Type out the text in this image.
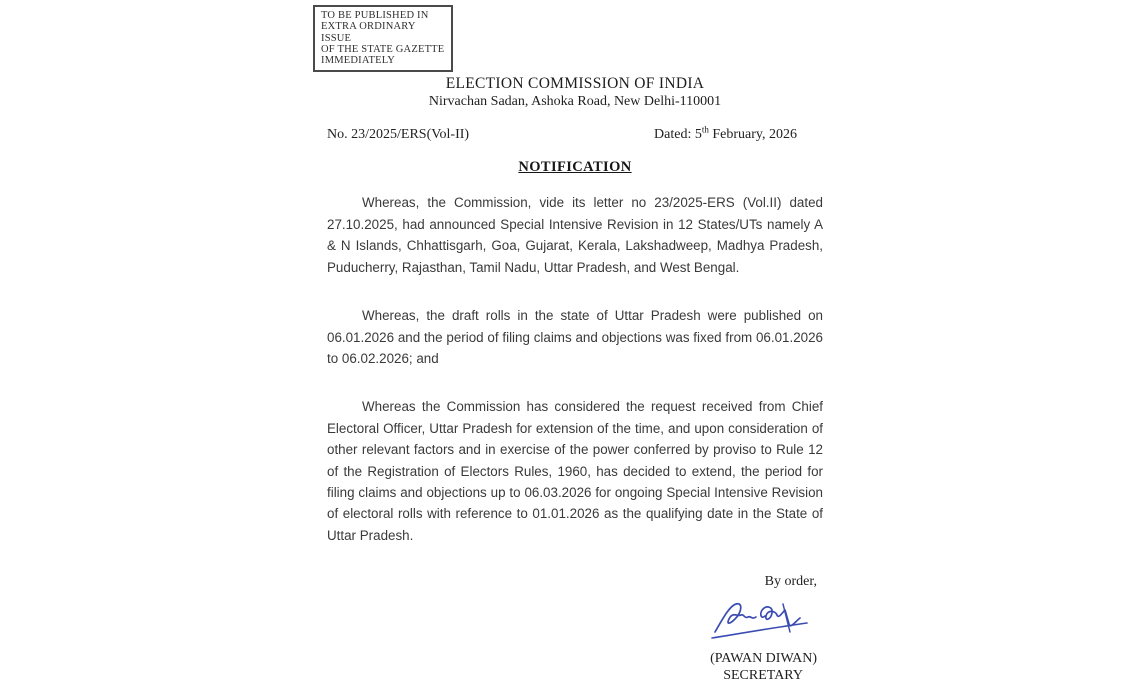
TO BE PUBLISHED IN
EXTRA ORDINARY ISSUE
OF THE STATE GAZETTE
IMMEDIATELY
ELECTION COMMISSION OF INDIA
Nirvachan Sadan, Ashoka Road, New Delhi-110001
No. 23/2025/ERS(Vol-II)	Dated: 5th February, 2026
NOTIFICATION

Whereas, the Commission, vide its letter no 23/2025-ERS (Vol.II) dated 27.10.2025, had announced Special Intensive Revision in 12 States/UTs namely A & N Islands, Chhattisgarh, Goa, Gujarat, Kerala, Lakshadweep, Madhya Pradesh, Puducherry, Rajasthan, Tamil Nadu, Uttar Pradesh, and West Bengal.

Whereas, the draft rolls in the state of Uttar Pradesh were published on 06.01.2026 and the period of filing claims and objections was fixed from 06.01.2026 to 06.02.2026; and

Whereas the Commission has considered the request received from Chief Electoral Officer, Uttar Pradesh for extension of the time, and upon consideration of other relevant factors and in exercise of the power conferred by proviso to Rule 12 of the Registration of Electors Rules, 1960, has decided to extend, the period for filing claims and objections up to 06.03.2026 for ongoing Special Intensive Revision of electoral rolls with reference to 01.01.2026 as the qualifying date in the State of Uttar Pradesh.

By order,
(PAWAN DIWAN)
SECRETARY
